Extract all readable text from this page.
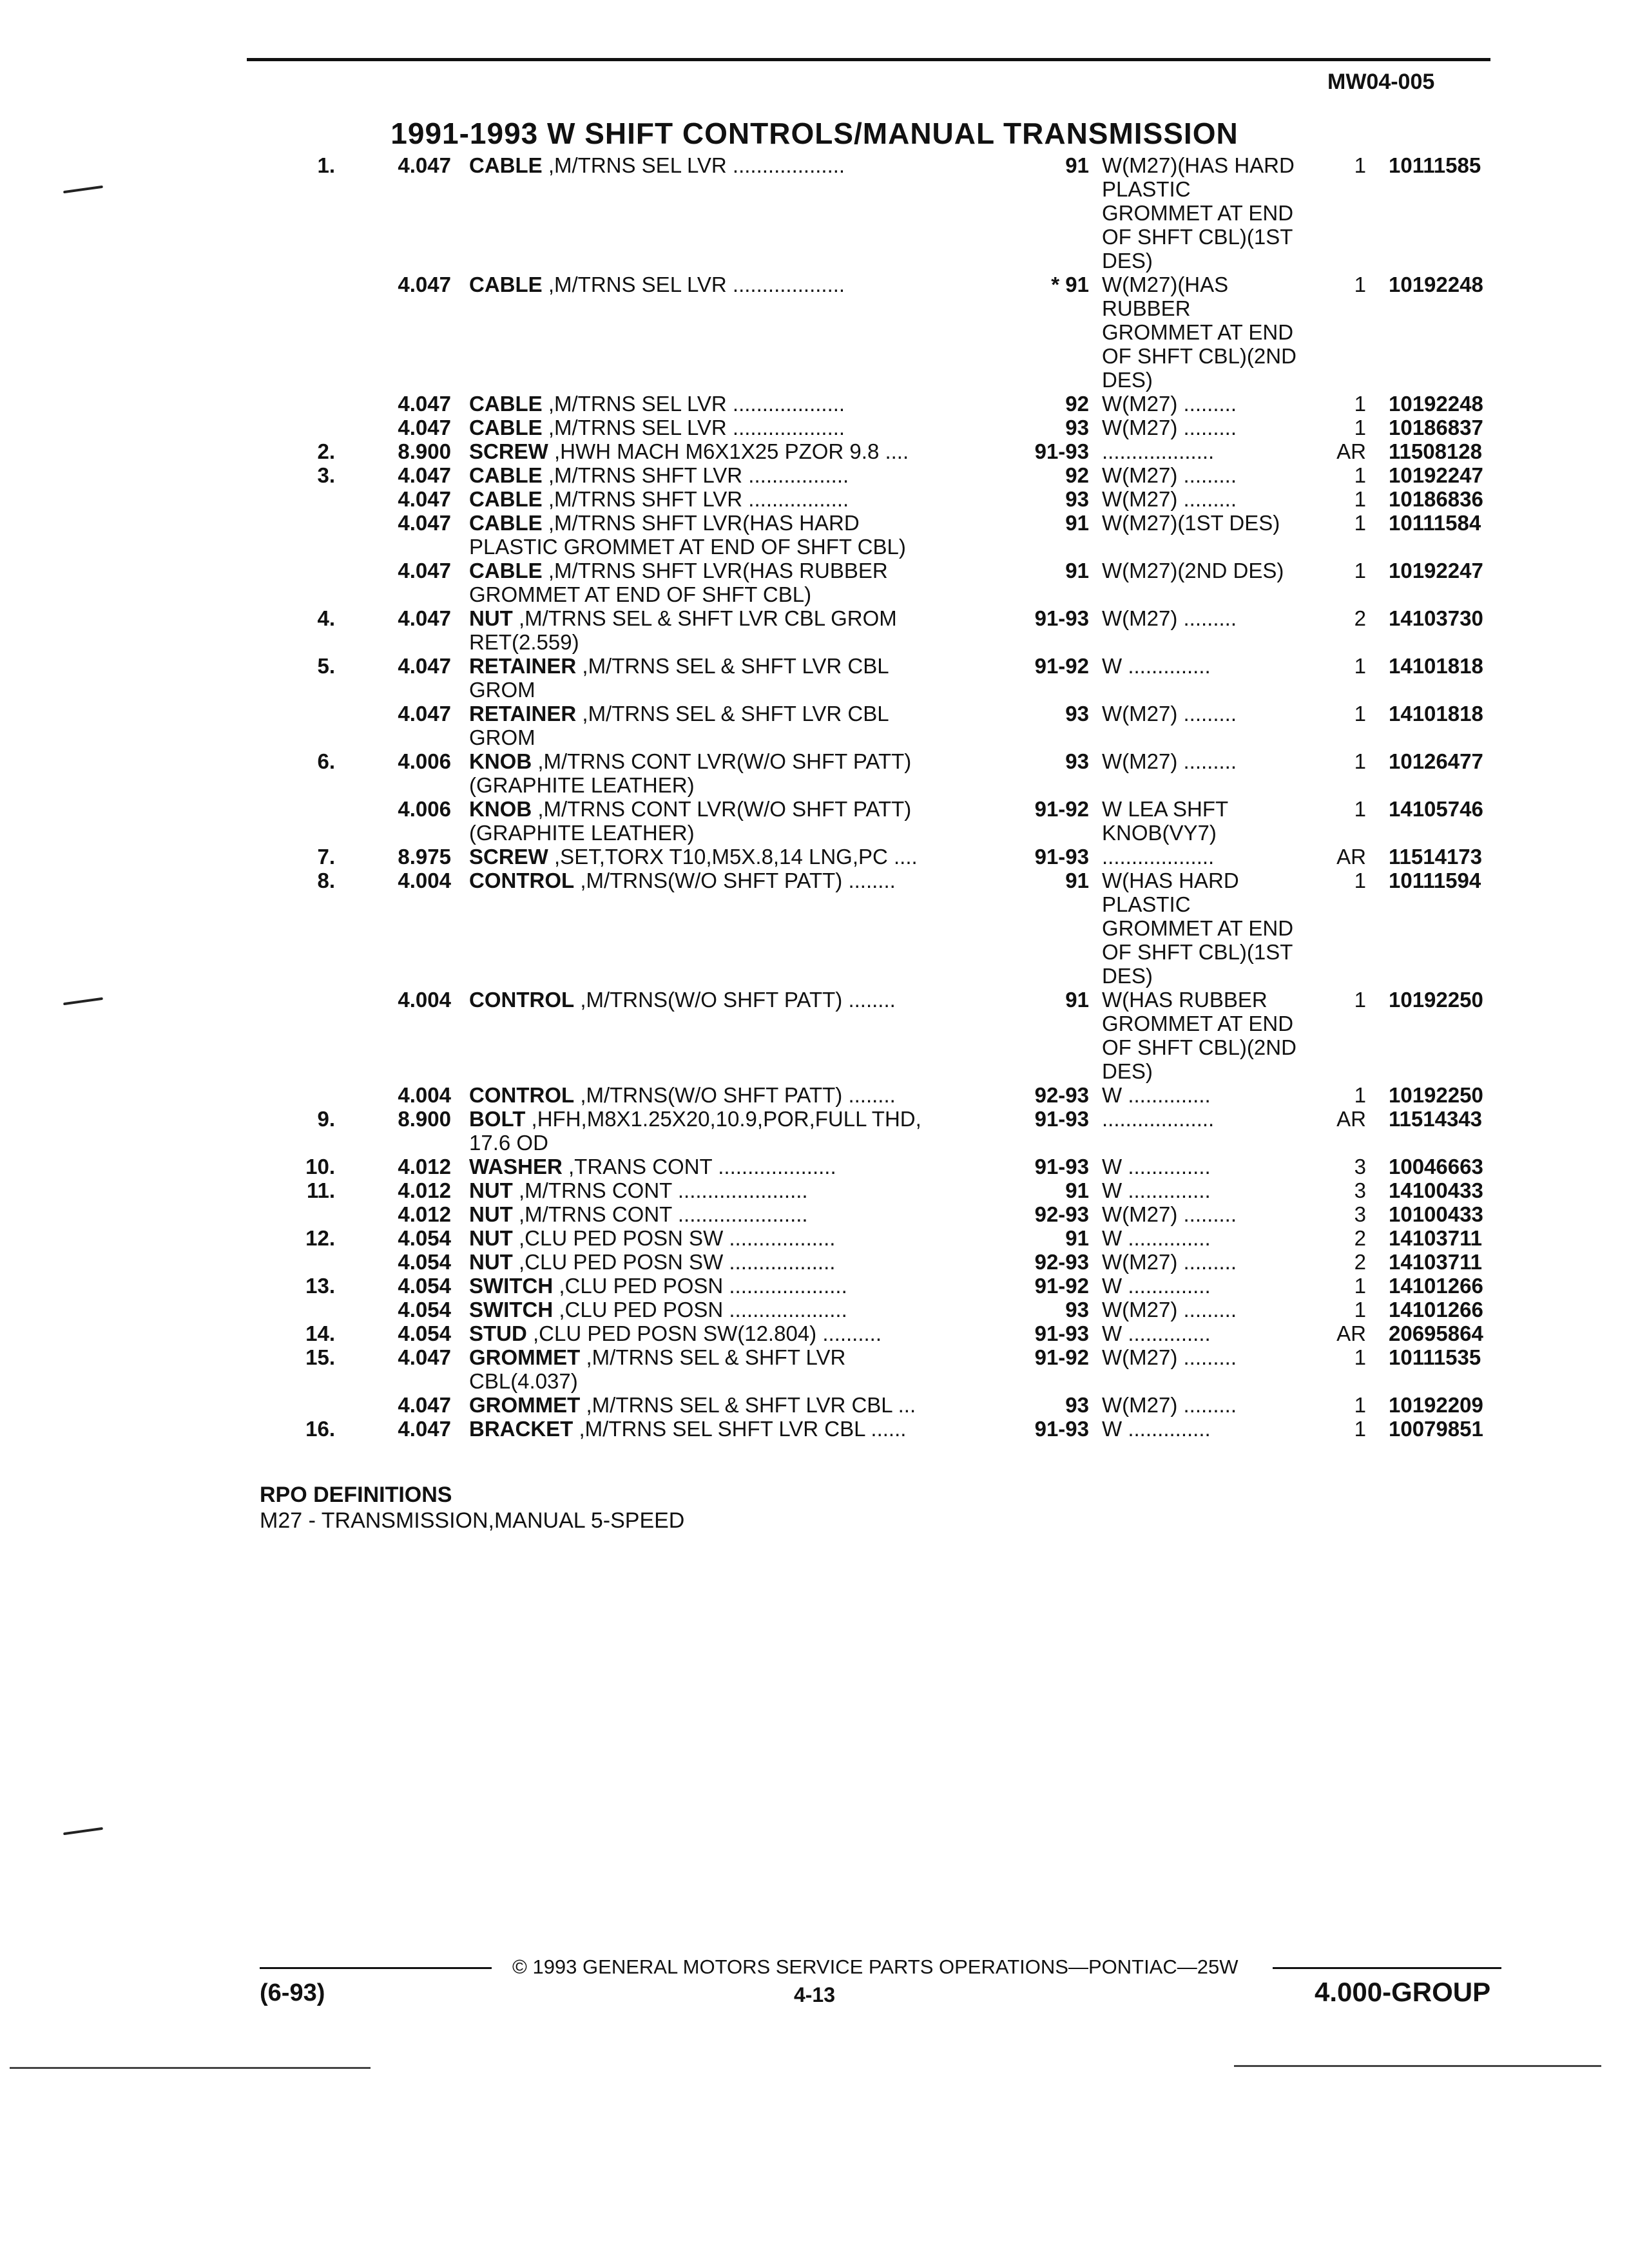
MW04-005
1991-1993 W SHIFT CONTROLS/MANUAL TRANSMISSION
1.	4.047 CABLE ,M/TRNS SEL LVR ...................	91 W(M27)(HAS HARD
PLASTIC
GROMMET AT END
OF SHFT CBL)(1ST
DES)
1 10111585
4.047 CABLE ,M/TRNS SEL LVR ...................	* 91 W(M27)(HAS
RUBBER
GROMMET AT END
OF SHFT CBL)(2ND
DES)
1 10192248
4.047 CABLE ,M/TRNS SEL LVR ...................	92 W(M27) .........	1 10192248
4.047 CABLE ,M/TRNS SEL LVR ...................	93 W(M27) .........	1 10186837
2.	8.900 SCREW ,HWH MACH M6X1X25 PZOR 9.8 ....	91-93 ...................	AR 11508128
3.	4.047 CABLE ,M/TRNS SHFT LVR .................	92 W(M27) .........	1 10192247
4.047 CABLE ,M/TRNS SHFT LVR .................	93 W(M27) .........	1 10186836
4.047 CABLE ,M/TRNS SHFT LVR(HAS HARD
PLASTIC GROMMET AT END OF SHFT CBL)
91 W(M27)(1ST DES)	1 10111584
4.047 CABLE ,M/TRNS SHFT LVR(HAS RUBBER
GROMMET AT END OF SHFT CBL)
91 W(M27)(2ND DES)	1 10192247
4.	4.047 NUT ,M/TRNS SEL & SHFT LVR CBL GROM
RET(2.559)
91-93 W(M27) .........	2 14103730
5.	4.047 RETAINER ,M/TRNS SEL & SHFT LVR CBL
GROM
91-92 W ..............	1 14101818
4.047 RETAINER ,M/TRNS SEL & SHFT LVR CBL
GROM
93 W(M27) .........	1 14101818
6.	4.006 KNOB ,M/TRNS CONT LVR(W/O SHFT PATT)
(GRAPHITE LEATHER)
93 W(M27) .........	1 10126477
4.006 KNOB ,M/TRNS CONT LVR(W/O SHFT PATT)
(GRAPHITE LEATHER)
91-92 W LEA SHFT
KNOB(VY7)
1 14105746
7.	8.975 SCREW ,SET,TORX T10,M5X.8,14 LNG,PC ....	91-93 ...................	AR 11514173
8.	4.004 CONTROL ,M/TRNS(W/O SHFT PATT) ........	91 W(HAS HARD
PLASTIC
GROMMET AT END
OF SHFT CBL)(1ST
DES)
1 10111594
4.004 CONTROL ,M/TRNS(W/O SHFT PATT) ........	91 W(HAS RUBBER
GROMMET AT END
OF SHFT CBL)(2ND
DES)
1 10192250
4.004 CONTROL ,M/TRNS(W/O SHFT PATT) ........	92-93 W ..............	1 10192250
9.	8.900 BOLT ,HFH,M8X1.25X20,10.9,POR,FULL THD,
17.6 OD
91-93 ...................	AR 11514343
10.	4.012 WASHER ,TRANS CONT ....................	91-93 W ..............	3 10046663
11.	4.012 NUT ,M/TRNS CONT ......................	91 W ..............	3 14100433
4.012 NUT ,M/TRNS CONT ......................	92-93 W(M27) .........	3 10100433
12.	4.054 NUT ,CLU PED POSN SW ..................	91 W ..............	2 14103711
4.054 NUT ,CLU PED POSN SW ..................	92-93 W(M27) .........	2 14103711
13.	4.054 SWITCH ,CLU PED POSN ....................	91-92 W ..............	1 14101266
4.054 SWITCH ,CLU PED POSN ....................	93 W(M27) .........	1 14101266
14.	4.054 STUD ,CLU PED POSN SW(12.804) ..........	91-93 W ..............	AR 20695864
15.	4.047 GROMMET ,M/TRNS SEL & SHFT LVR
CBL(4.037)
91-92 W(M27) .........	1 10111535
4.047 GROMMET ,M/TRNS SEL & SHFT LVR CBL ...	93 W(M27) .........	1 10192209
16.	4.047 BRACKET ,M/TRNS SEL SHFT LVR CBL ......	91-93 W ..............	1 10079851
RPO DEFINITIONS
M27 - TRANSMISSION,MANUAL 5-SPEED
© 1993 GENERAL MOTORS SERVICE PARTS OPERATIONS—PONTIAC—25W
(6-93)	4-13	4.000-GROUP
